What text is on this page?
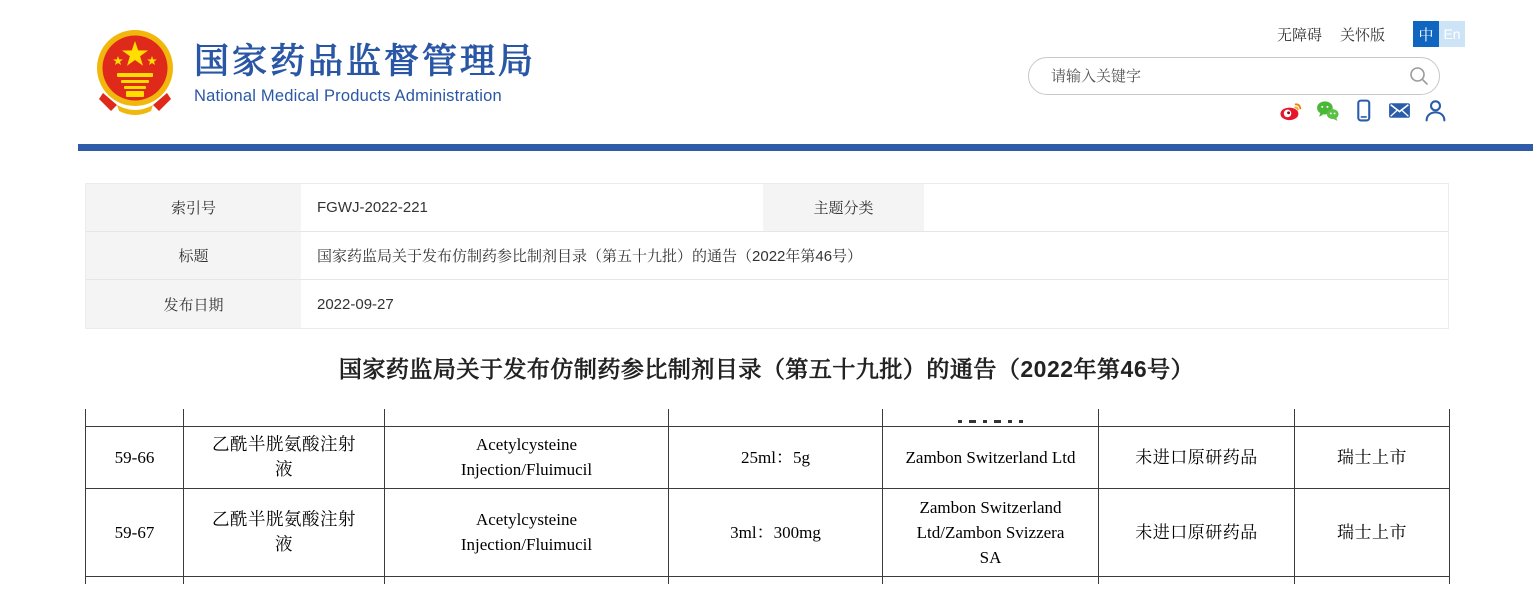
国家药品监督管理局
National Medical Products Administration
无障碍 关怀版	中 En
请输入关键字
索引号	FGWJ-2022-221	主题分类
标题	国家药监局关于发布仿制药参比制剂目录（第五十九批）的通告（2022年第46号）
发布日期	2022-09-27
国家药监局关于发布仿制药参比制剂目录（第五十九批）的通告（2022年第46号）

59-66	乙酰半胱氨酸注射液	Acetylcysteine Injection/Fluimucil	25ml：5g	Zambon Switzerland Ltd	未进口原研药品	瑞士上市
59-67	乙酰半胱氨酸注射液	Acetylcysteine Injection/Fluimucil	3ml：300mg	Zambon Switzerland Ltd/Zambon Svizzera SA	未进口原研药品	瑞士上市
